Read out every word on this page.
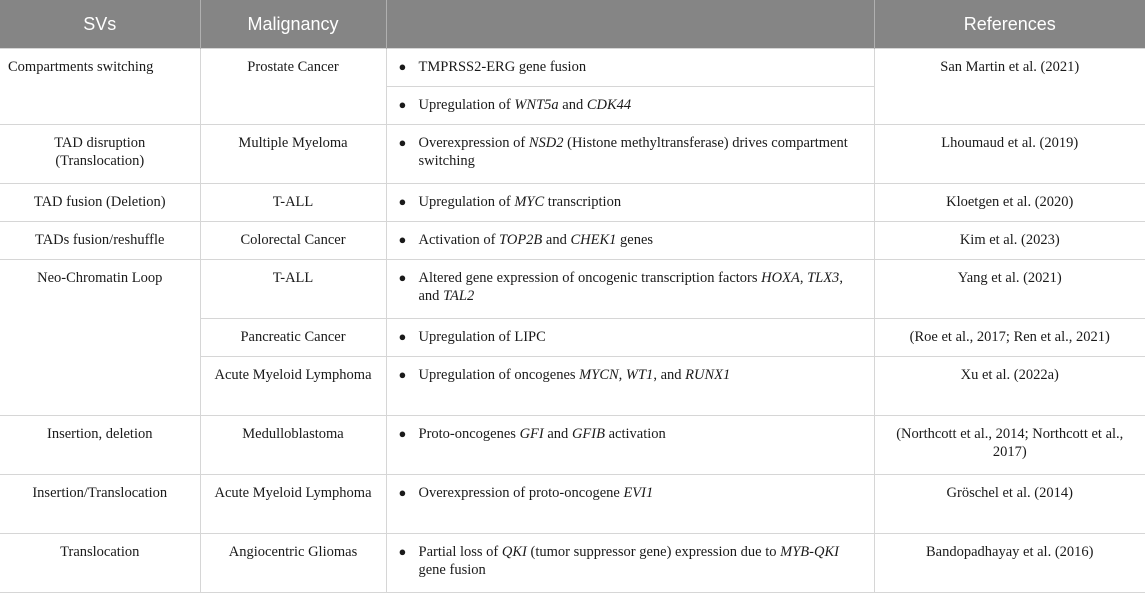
SVs	Malignancy		References
Compartments switching	Prostate Cancer	● TMPRSS2-ERG gene fusion	San Martin et al. (2021)

		● Upregulation of WNT5a and CDK44	

TAD disruption (Translocation)	Multiple Myeloma	● Overexpression of NSD2 (Histone methyltransferase) drives compartment switching	Lhoumaud et al. (2019)
TAD fusion (Deletion)	T-ALL	● Upregulation of MYC transcription	Kloetgen et al. (2020)
TADs fusion/reshuffle	Colorectal Cancer	● Activation of TOP2B and CHEK1 genes	Kim et al. (2023)
Neo-Chromatin Loop	T-ALL	● Altered gene expression of oncogenic transcription factors HOXA, TLX3, and TAL2	Yang et al. (2021)
	Pancreatic Cancer	● Upregulation of LIPC	(Roe et al., 2017; Ren et al., 2021)
	Acute Myeloid Lymphoma	● Upregulation of oncogenes MYCN, WT1, and RUNX1	Xu et al. (2022a)
Insertion, deletion	Medulloblastoma	● Proto-oncogenes GFI and GFIB activation	(Northcott et al., 2014; Northcott et al., 2017)
Insertion/Translocation	Acute Myeloid Lymphoma	● Overexpression of proto-oncogene EVI1	Gröschel et al. (2014)
Translocation	Angiocentric Gliomas	● Partial loss of QKI (tumor suppressor gene) expression due to MYB-QKI gene fusion	Bandopadhayay et al. (2016)
